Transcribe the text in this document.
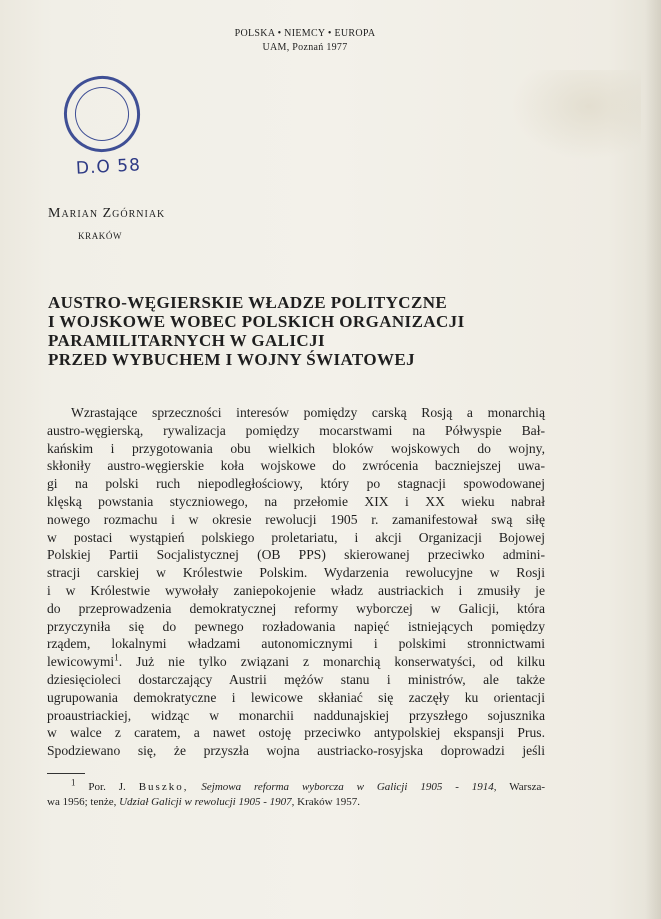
POLSKA • NIEMCY • EUROPA
UAM, Poznań 1977
D.O 58
Marian Zgórniak
KRAKÓW
AUSTRO-WĘGIERSKIE WŁADZE POLITYCZNE
I WOJSKOWE WOBEC POLSKICH ORGANIZACJI
PARAMILITARNYCH W GALICJI
PRZED WYBUCHEM I WOJNY ŚWIATOWEJ
Wzrastające sprzeczności interesów pomiędzy carską Rosją a monarchią
austro-węgierską, rywalizacja pomiędzy mocarstwami na Półwyspie Bał-
kańskim i przygotowania obu wielkich bloków wojskowych do wojny,
skłoniły austro-węgierskie koła wojskowe do zwrócenia baczniejszej uwa-
gi na polski ruch niepodległościowy, który po stagnacji spowodowanej
klęską powstania styczniowego, na przełomie XIX i XX wieku nabrał
nowego rozmachu i w okresie rewolucji 1905 r. zamanifestował swą siłę
w postaci wystąpień polskiego proletariatu, i akcji Organizacji Bojowej
Polskiej Partii Socjalistycznej (OB PPS) skierowanej przeciwko admini-
stracji carskiej w Królestwie Polskim. Wydarzenia rewolucyjne w Rosji
i w Królestwie wywołały zaniepokojenie władz austriackich i zmusiły je
do przeprowadzenia demokratycznej reformy wyborczej w Galicji, która
przyczyniła się do pewnego rozładowania napięć istniejących pomiędzy
rządem, lokalnymi władzami autonomicznymi i polskimi stronnictwami
lewicowymi$^1$. Już nie tylko związani z monarchią konserwatyści, od kilku
dziesięcioleci dostarczający Austrii mężów stanu i ministrów, ale także
ugrupowania demokratyczne i lewicowe skłaniać się zaczęły ku orientacji
proaustriackiej, widząc w monarchii naddunajskiej przyszłego sojusznika
w walce z caratem, a nawet ostoję przeciwko antypolskiej ekspansji Prus.
Spodziewano się, że przyszła wojna austriacko-rosyjska doprowadzi jeśli
$^1$ Por. J. Buszko, Sejmowa reforma wyborcza w Galicji 1905 - 1914, Warsza-
wa 1956; tenże, Udział Galicji w rewolucji 1905 - 1907, Kraków 1957.
